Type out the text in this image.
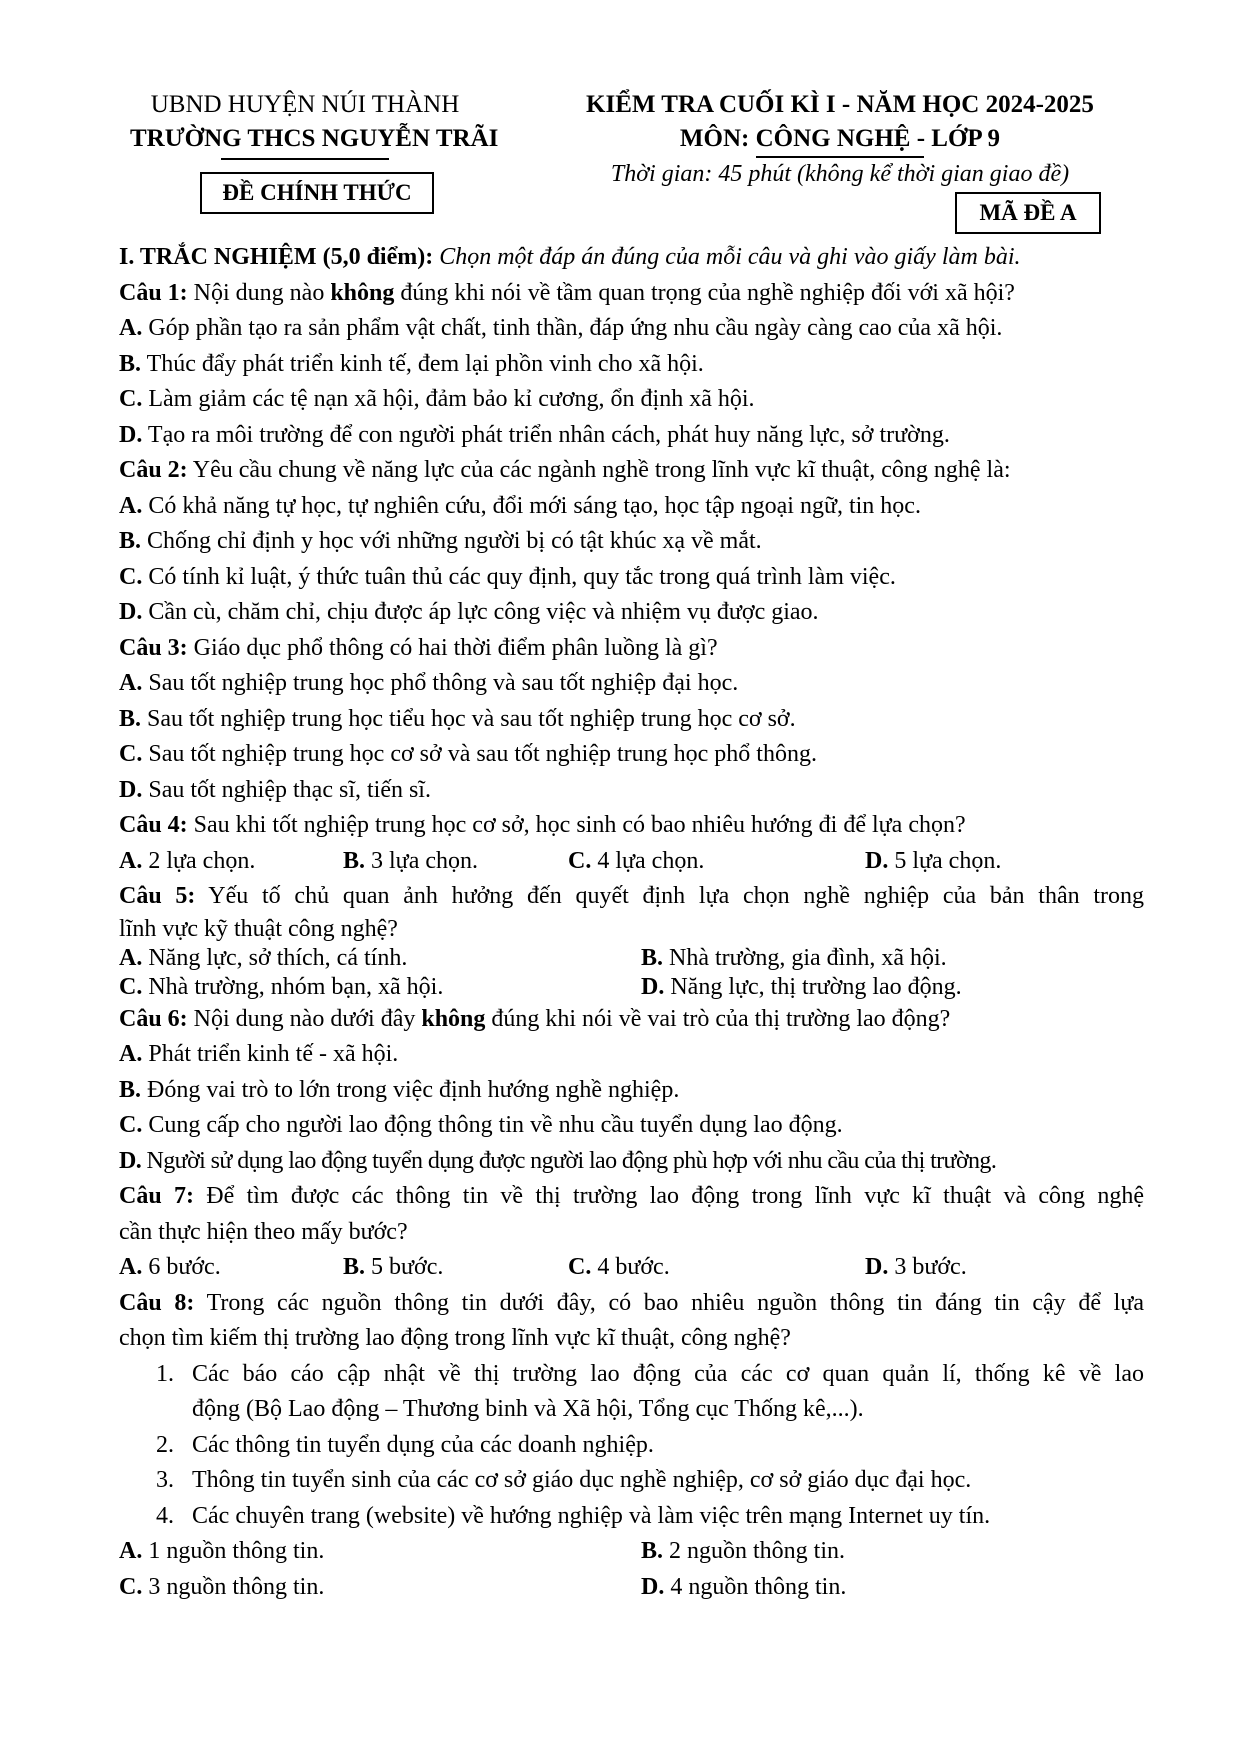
UBND HUYỆN NÚI THÀNH
TRƯỜNG THCS NGUYỄN TRÃI
ĐỀ CHÍNH THỨC
KIỂM TRA CUỐI KÌ I - NĂM HỌC 2024-2025
MÔN: CÔNG NGHỆ - LỚP 9
Thời gian: 45 phút (không kể thời gian giao đề)
MÃ ĐỀ A
I. TRẮC NGHIỆM (5,0 điểm): Chọn một đáp án đúng của mỗi câu và ghi vào giấy làm bài.
Câu 1: Nội dung nào không đúng khi nói về tầm quan trọng của nghề nghiệp đối với xã hội?
A. Góp phần tạo ra sản phẩm vật chất, tinh thần, đáp ứng nhu cầu ngày càng cao của xã hội.
B. Thúc đẩy phát triển kinh tế, đem lại phồn vinh cho xã hội.
C. Làm giảm các tệ nạn xã hội, đảm bảo kỉ cương, ổn định xã hội.
D. Tạo ra môi trường để con người phát triển nhân cách, phát huy năng lực, sở trường.
Câu 2: Yêu cầu chung về năng lực của các ngành nghề trong lĩnh vực kĩ thuật, công nghệ là:
A. Có khả năng tự học, tự nghiên cứu, đổi mới sáng tạo, học tập ngoại ngữ, tin học.
B. Chống chỉ định y học với những người bị có tật khúc xạ về mắt.
C. Có tính kỉ luật, ý thức tuân thủ các quy định, quy tắc trong quá trình làm việc.
D. Cần cù, chăm chỉ, chịu được áp lực công việc và nhiệm vụ được giao.
Câu 3: Giáo dục phổ thông có hai thời điểm phân luồng là gì?
A. Sau tốt nghiệp trung học phổ thông và sau tốt nghiệp đại học.
B. Sau tốt nghiệp trung học tiểu học và sau tốt nghiệp trung học cơ sở.
C. Sau tốt nghiệp trung học cơ sở và sau tốt nghiệp trung học phổ thông.
D. Sau tốt nghiệp thạc sĩ, tiến sĩ.
Câu 4: Sau khi tốt nghiệp trung học cơ sở, học sinh có bao nhiêu hướng đi để lựa chọn?
A. 2 lựa chọn.	B. 3 lựa chọn.	C. 4 lựa chọn.	D. 5 lựa chọn.
Câu 5: Yếu tố chủ quan ảnh hưởng đến quyết định lựa chọn nghề nghiệp của bản thân trong
lĩnh vực kỹ thuật công nghệ?
A. Năng lực, sở thích, cá tính.	B. Nhà trường, gia đình, xã hội.
C. Nhà trường, nhóm bạn, xã hội.	D. Năng lực, thị trường lao động.
Câu 6: Nội dung nào dưới đây không đúng khi nói về vai trò của thị trường lao động?
A. Phát triển kinh tế - xã hội.
B. Đóng vai trò to lớn trong việc định hướng nghề nghiệp.
C. Cung cấp cho người lao động thông tin về nhu cầu tuyển dụng lao động.
D. Người sử dụng lao động tuyển dụng được người lao động phù hợp với nhu cầu của thị trường.
Câu 7: Để tìm được các thông tin về thị trường lao động trong lĩnh vực kĩ thuật và công nghệ
cần thực hiện theo mấy bước?
A. 6 bước.	B. 5 bước.	C. 4 bước.	D. 3 bước.
Câu 8: Trong các nguồn thông tin dưới đây, có bao nhiêu nguồn thông tin đáng tin cậy để lựa
chọn tìm kiếm thị trường lao động trong lĩnh vực kĩ thuật, công nghệ?
1. Các báo cáo cập nhật về thị trường lao động của các cơ quan quản lí, thống kê về lao
động (Bộ Lao động – Thương binh và Xã hội, Tổng cục Thống kê,...).
2. Các thông tin tuyển dụng của các doanh nghiệp.
3. Thông tin tuyển sinh của các cơ sở giáo dục nghề nghiệp, cơ sở giáo dục đại học.
4. Các chuyên trang (website) về hướng nghiệp và làm việc trên mạng Internet uy tín.
A. 1 nguồn thông tin.	B. 2 nguồn thông tin.
C. 3 nguồn thông tin.	D. 4 nguồn thông tin.
